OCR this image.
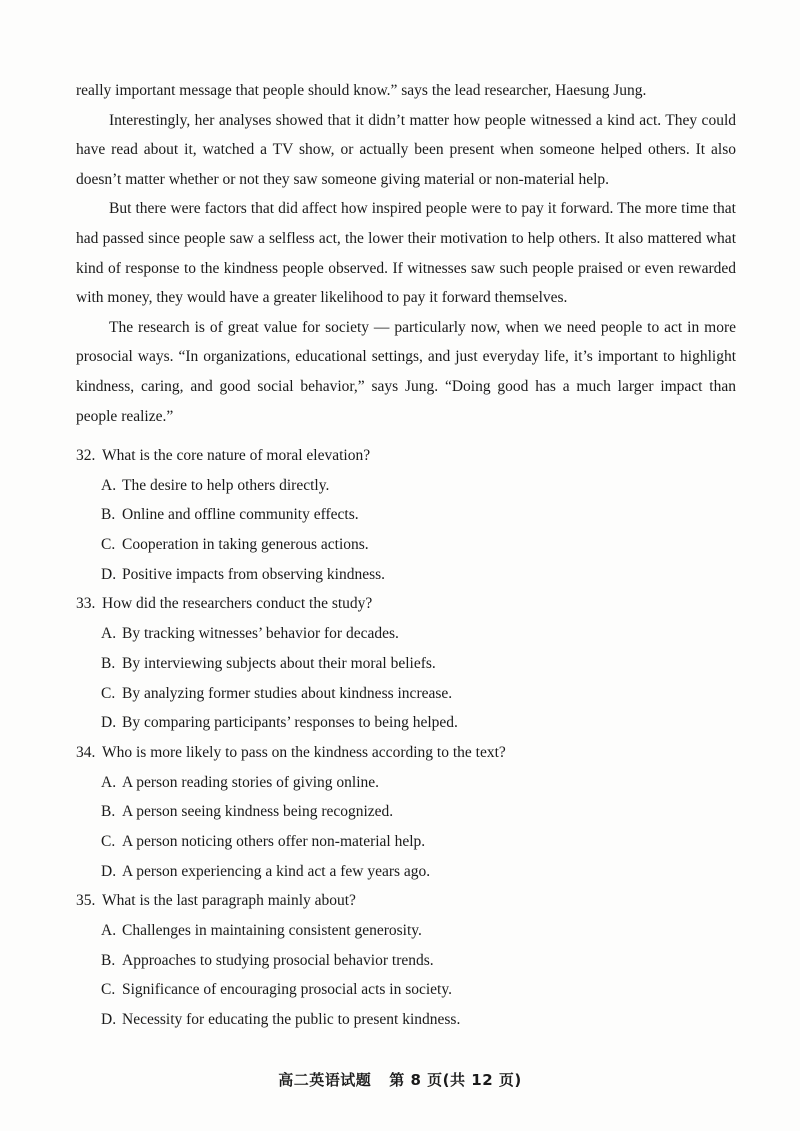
really important message that people should know.” says the lead researcher, Haesung Jung.

Interestingly, her analyses showed that it didn’t matter how people witnessed a kind act. They could have read about it, watched a TV show, or actually been present when someone helped others. It also doesn’t matter whether or not they saw someone giving material or non-material help.

But there were factors that did affect how inspired people were to pay it forward. The more time that had passed since people saw a selfless act, the lower their motivation to help others. It also mattered what kind of response to the kindness people observed. If witnesses saw such people praised or even rewarded with money, they would have a greater likelihood to pay it forward themselves.

The research is of great value for society — particularly now, when we need people to act in more prosocial ways. “In organizations, educational settings, and just everyday life, it’s important to highlight kindness, caring, and good social behavior,” says Jung. “Doing good has a much larger impact than people realize.”

32. What is the core nature of moral elevation?
A. The desire to help others directly.
B. Online and offline community effects.
C. Cooperation in taking generous actions.
D. Positive impacts from observing kindness.
33. How did the researchers conduct the study?
A. By tracking witnesses’ behavior for decades.
B. By interviewing subjects about their moral beliefs.
C. By analyzing former studies about kindness increase.
D. By comparing participants’ responses to being helped.
34. Who is more likely to pass on the kindness according to the text?
A. A person reading stories of giving online.
B. A person seeing kindness being recognized.
C. A person noticing others offer non-material help.
D. A person experiencing a kind act a few years ago.
35. What is the last paragraph mainly about?
A. Challenges in maintaining consistent generosity.
B. Approaches to studying prosocial behavior trends.
C. Significance of encouraging prosocial acts in society.
D. Necessity for educating the public to present kindness.
高二英语试题 第 8 页(共 12 页)
